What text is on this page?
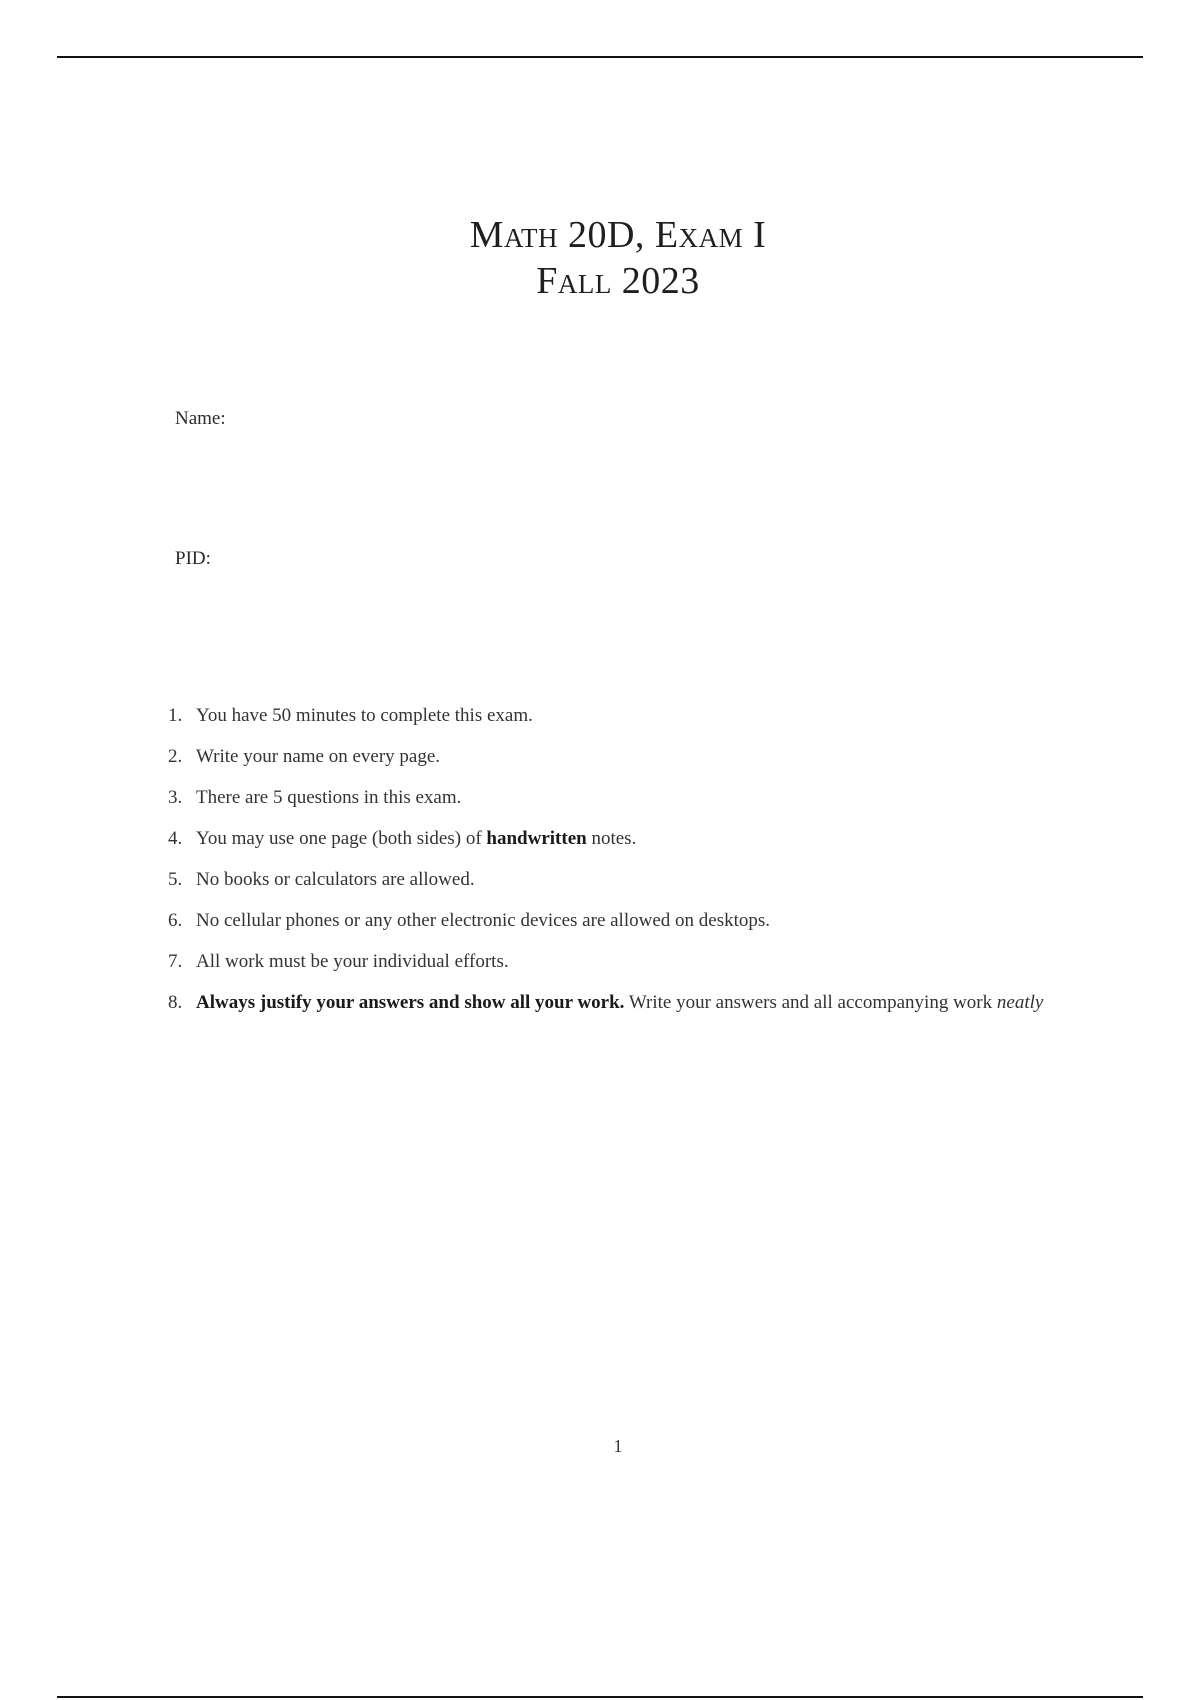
Math 20D, Exam I
Fall 2023
Name:
PID:
1. You have 50 minutes to complete this exam.
2. Write your name on every page.
3. There are 5 questions in this exam.
4. You may use one page (both sides) of handwritten notes.
5. No books or calculators are allowed.
6. No cellular phones or any other electronic devices are allowed on desktops.
7. All work must be your individual efforts.
8. Always justify your answers and show all your work. Write your answers and all accompanying work neatly
1
